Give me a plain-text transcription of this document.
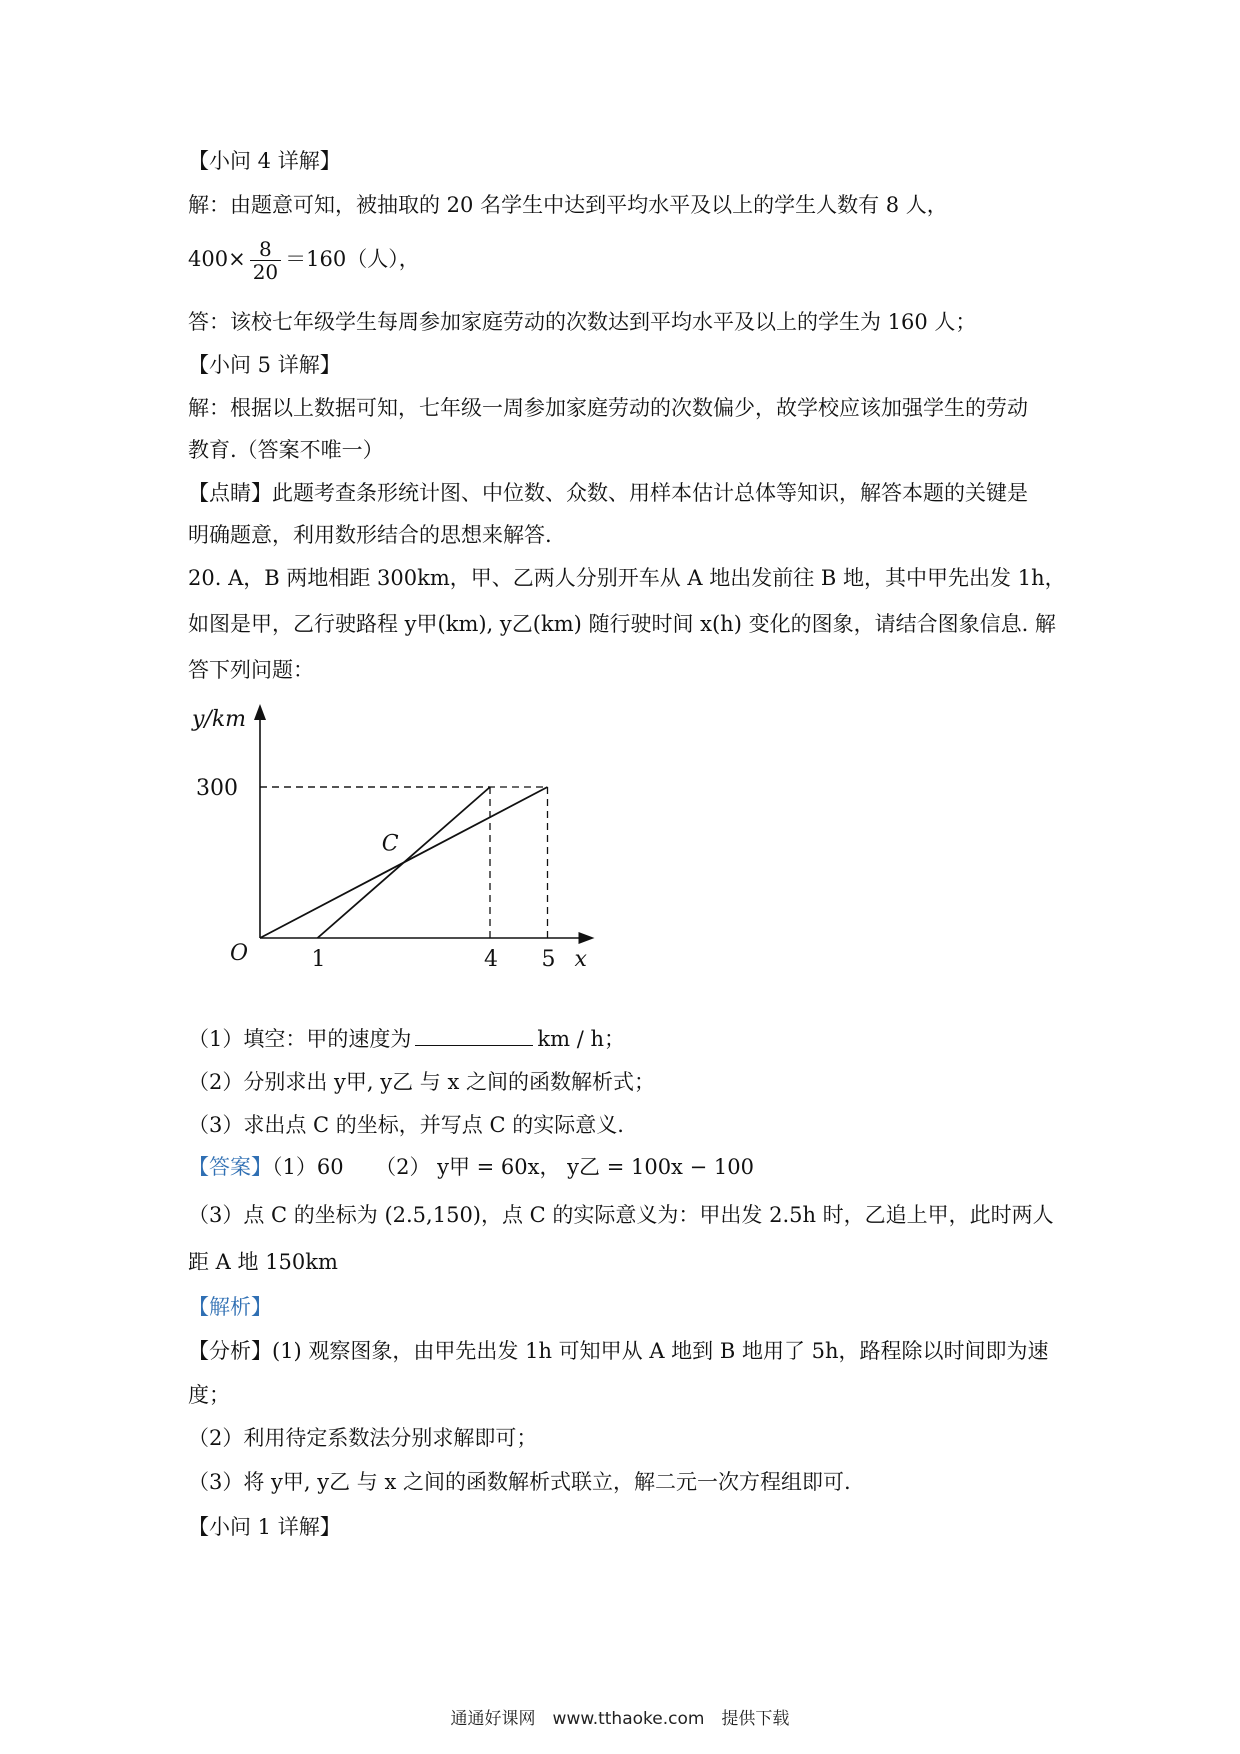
【小问 4 详解】
解：由题意可知，被抽取的 20 名学生中达到平均水平及以上的学生人数有 8 人，
$400\times \frac{8}{20} =160$（人），
答：该校七年级学生每周参加家庭劳动的次数达到平均水平及以上的学生为 160 人；
【小问 5 详解】
解：根据以上数据可知，七年级一周参加家庭劳动的次数偏少，故学校应该加强学生的劳动
教育.（答案不唯一）
【点睛】此题考查条形统计图、中位数、众数、用样本估计总体等知识，解答本题的关键是
明确题意，利用数形结合的思想来解答.
20. A，B 两地相距 300km，甲、乙两人分别开车从 A 地出发前往 B 地，其中甲先出发 1h，
如图是甲，乙行驶路程 y甲(km), y乙(km) 随行驶时间 x(h) 变化的图象，请结合图象信息. 解
答下列问题：
y/km
300
O	1	4 5 x
C
（1）填空：甲的速度为	km / h；
（2）分别求出 y甲, y乙 与 x 之间的函数解析式；
（3）求出点 C 的坐标，并写点 C 的实际意义.
【答案】（1）60　　（2） y甲 = 60x， y乙 = 100x − 100
（3）点 C 的坐标为 (2.5,150)，点 C 的实际意义为：甲出发 2.5h 时，乙追上甲，此时两人
距 A 地 150km
【解析】
【分析】(1) 观察图象，由甲先出发 1h 可知甲从 A 地到 B 地用了 5h，路程除以时间即为速
度；
（2）利用待定系数法分别求解即可；
（3）将 y甲, y乙 与 x 之间的函数解析式联立，解二元一次方程组即可.
【小问 1 详解】
通通好课网　www.tthaoke.com　提供下载
